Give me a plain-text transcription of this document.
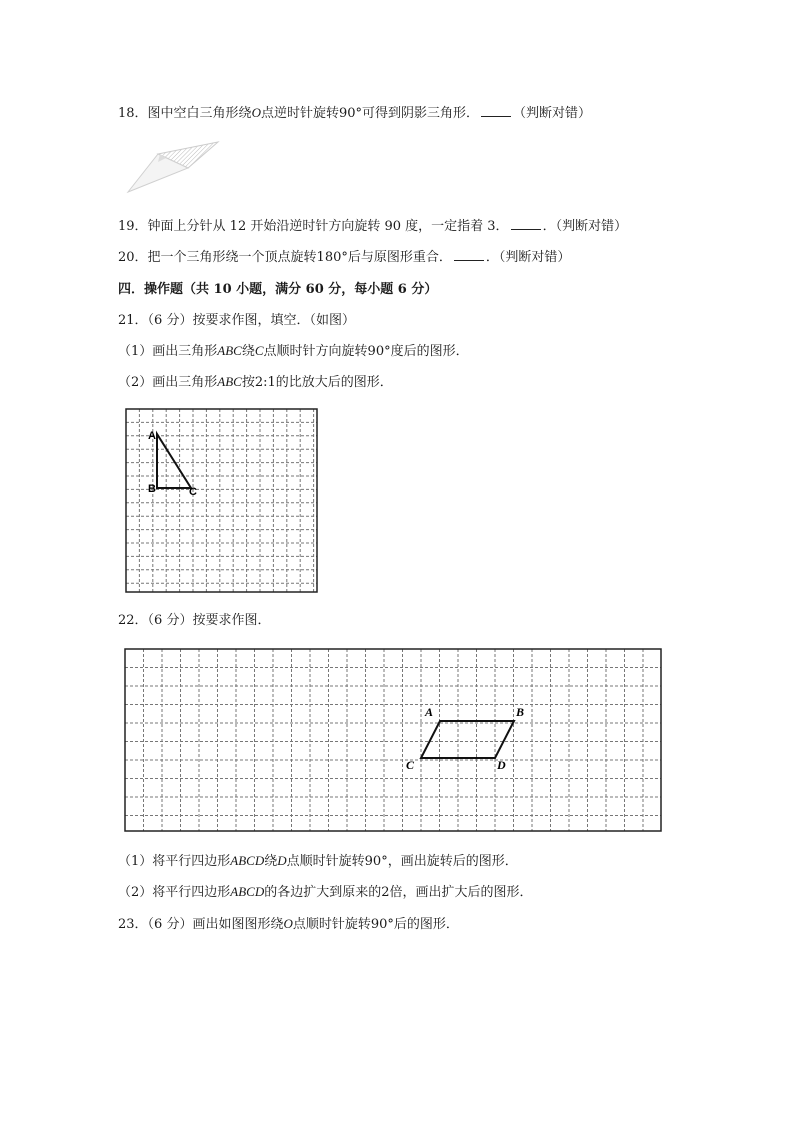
18．图中空白三角形绕O点逆时针旋转90°可得到阴影三角形．	（判断对错）
19．钟面上分针从 12 开始沿逆时针方向旋转 90 度，一定指着 3．	．（判断对错）
20．把一个三角形绕一个顶点旋转180°后与原图形重合．	．（判断对错）
四．操作题（共 10 小题，满分 60 分，每小题 6 分）
21．（6 分）按要求作图，填空．（如图）
（1）画出三角形ABC绕C点顺时针方向旋转90°度后的图形．
（2）画出三角形ABC按2:1的比放大后的图形．
A
B	C
22．（6 分）按要求作图．
A	B
C	D
（1）将平行四边形ABCD绕D点顺时针旋转90°，画出旋转后的图形．
（2）将平行四边形ABCD的各边扩大到原来的2倍，画出扩大后的图形．
23．（6 分）画出如图图形绕O点顺时针旋转90°后的图形．
